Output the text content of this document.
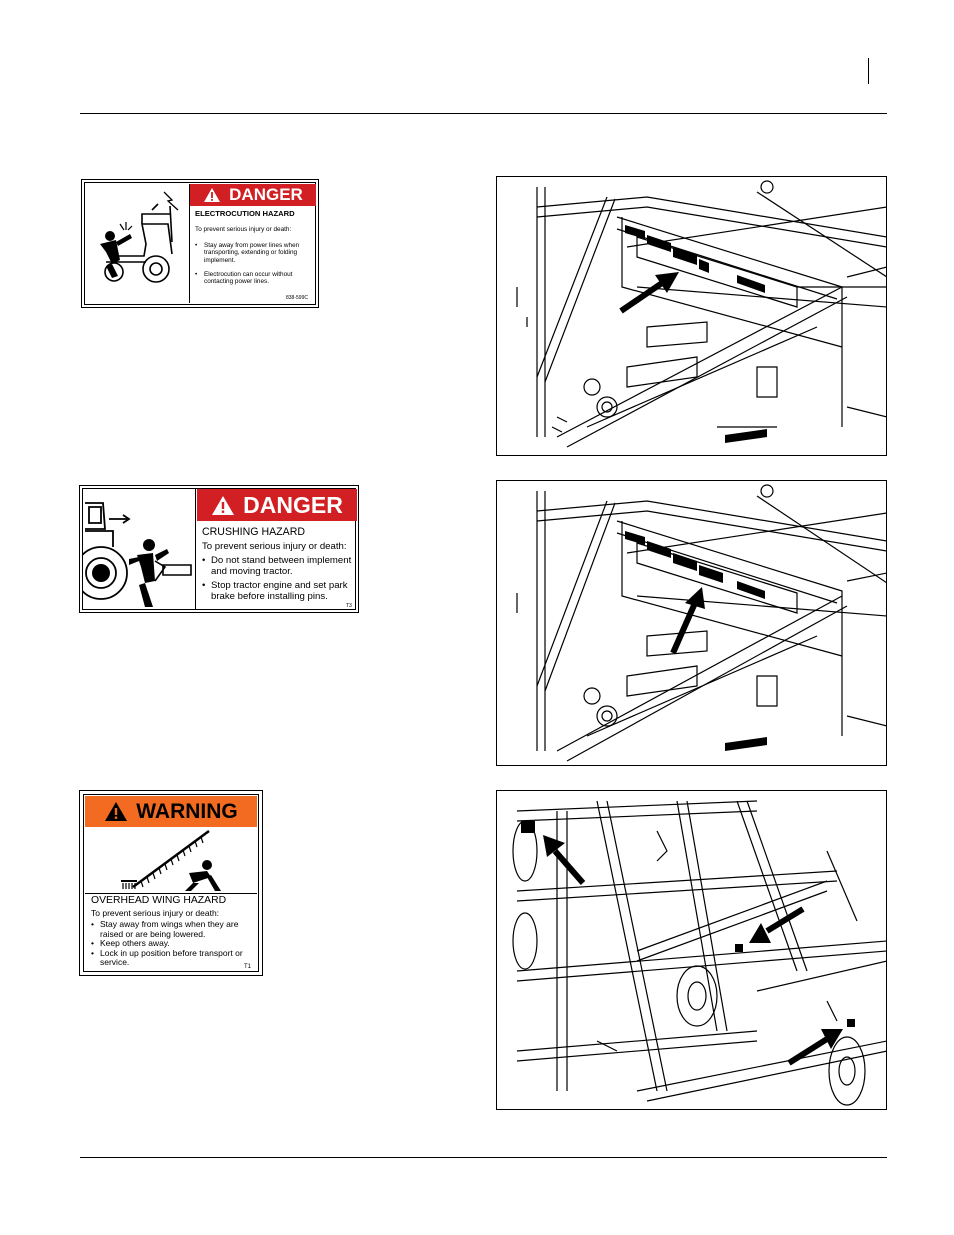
DANGER
ELECTROCUTION HAZARD
To prevent serious injury or death:
• Stay away from power lines when transporting, extending or folding implement.
• Electrocution can occur without contacting power lines.
838-599C
DANGER
CRUSHING HAZARD
To prevent serious injury or death:
• Do not stand between implement and moving tractor.
• Stop tractor engine and set park brake before installing pins.
T3
WARNING
OVERHEAD WING HAZARD
To prevent serious injury or death:
• Stay away from wings when they are raised or are being lowered.
• Keep others away.
• Lock in up position before transport or service.	T1
